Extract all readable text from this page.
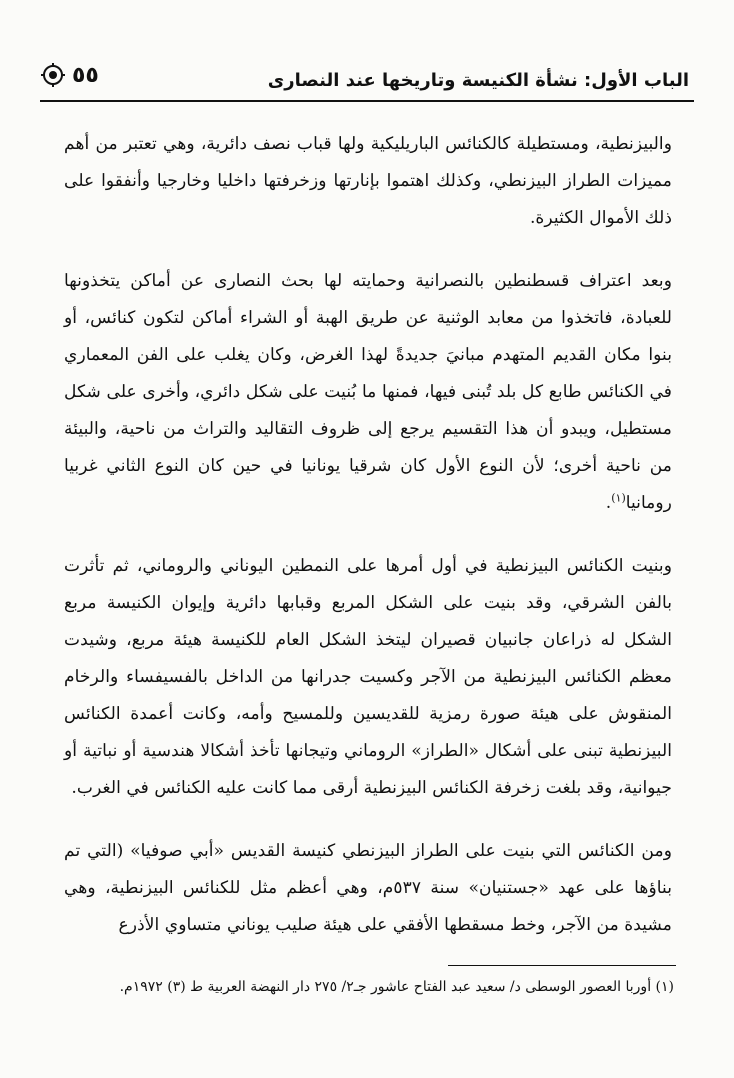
الباب الأول: نشأة الكنيسة وتاريخها عند النصارى
٥٥

والبيزنطية، ومستطيلة كالكنائس الباريليكية ولها قباب نصف دائرية، وهي تعتبر من أهم مميزات الطراز البيزنطي، وكذلك اهتموا بإنارتها وزخرفتها داخليا وخارجيا وأنفقوا على ذلك الأموال الكثيرة.

وبعد اعتراف قسطنطين بالنصرانية وحمايته لها بحث النصارى عن أماكن يتخذونها للعبادة، فاتخذوا من معابد الوثنية عن طريق الهبة أو الشراء أماكن لتكون كنائس، أو بنوا مكان القديم المتهدم مبانيَ جديدةً لهذا الغرض، وكان يغلب على الفن المعماري في الكنائس طابع كل بلد تُبنى فيها، فمنها ما بُنيت على شكل دائري، وأخرى على شكل مستطيل، ويبدو أن هذا التقسيم يرجع إلى ظروف التقاليد والتراث من ناحية، والبيئة من ناحية أخرى؛ لأن النوع الأول كان شرقيا يونانيا في حين كان النوع الثاني غربيا رومانيا$^{(١)}$.

وبنيت الكنائس البيزنطية في أول أمرها على النمطين اليوناني والروماني، ثم تأثرت بالفن الشرقي، وقد بنيت على الشكل المربع وقبابها دائرية وإيوان الكنيسة مربع الشكل له ذراعان جانبيان قصيران ليتخذ الشكل العام للكنيسة هيئة مربع، وشيدت معظم الكنائس البيزنطية من الآجر وكسيت جدرانها من الداخل بالفسيفساء والرخام المنقوش على هيئة صورة رمزية للقديسين وللمسيح وأمه، وكانت أعمدة الكنائس البيزنطية تبنى على أشكال «الطراز» الروماني وتيجانها تأخذ أشكالا هندسية أو نباتية أو جيوانية، وقد بلغت زخرفة الكنائس البيزنطية أرقى مما كانت عليه الكنائس في الغرب.

ومن الكنائس التي بنيت على الطراز البيزنطي كنيسة القديس «أبي صوفيا» (التي تم بناؤها على عهد «جستنيان» سنة ٥٣٧م، وهي أعظم مثل للكنائس البيزنطية، وهي مشيدة من الآجر، وخط مسقطها الأفقي على هيئة صليب يوناني متساوي الأذرع

(١) أوربا العصور الوسطى د/ سعيد عبد الفتاح عاشور جـ٢/ ٢٧٥ دار النهضة العربية ط (٣) ١٩٧٢م.
